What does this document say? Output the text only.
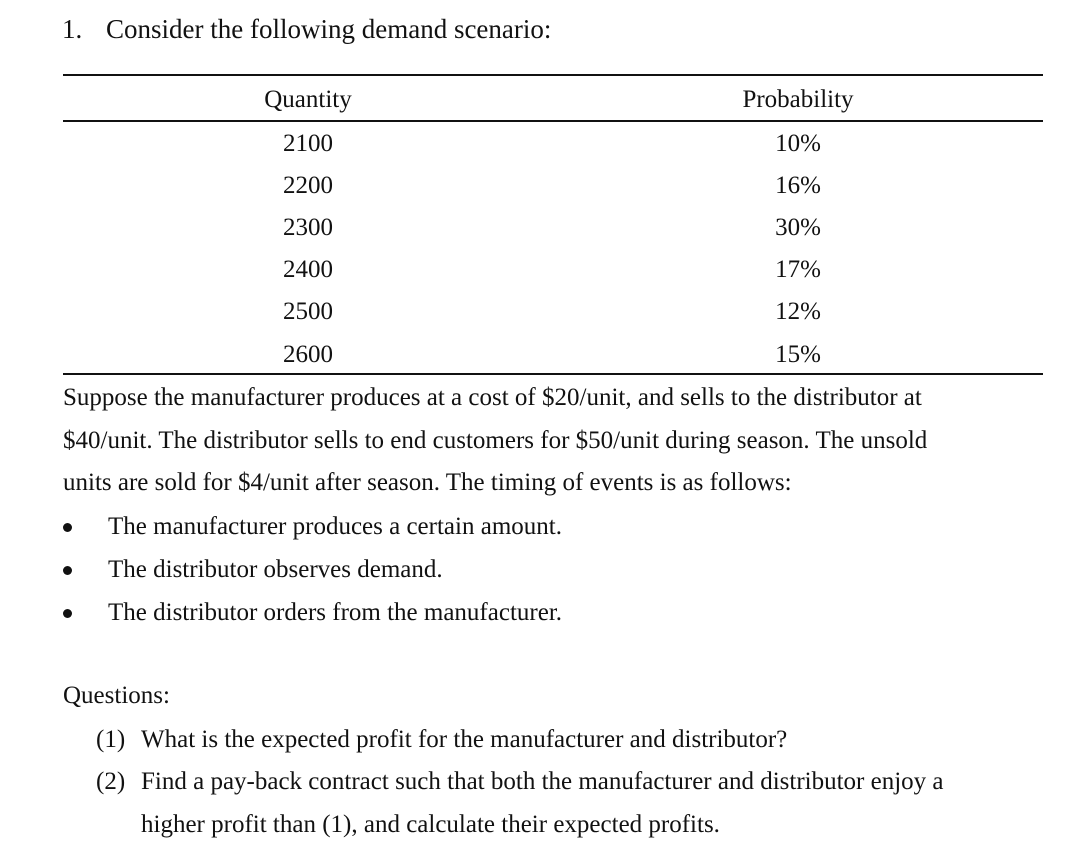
1. Consider the following demand scenario:
Quantity	Probability
2100	10%
2200	16%
2300	30%
2400	17%
2500	12%
2600	15%
Suppose the manufacturer produces at a cost of $20/unit, and sells to the distributor at
$40/unit. The distributor sells to end customers for $50/unit during season. The unsold
units are sold for $4/unit after season. The timing of events is as follows:
The manufacturer produces a certain amount.
The distributor observes demand.
The distributor orders from the manufacturer.
Questions:
(1) What is the expected profit for the manufacturer and distributor?
(2) Find a pay-back contract such that both the manufacturer and distributor enjoy a
higher profit than (1), and calculate their expected profits.
